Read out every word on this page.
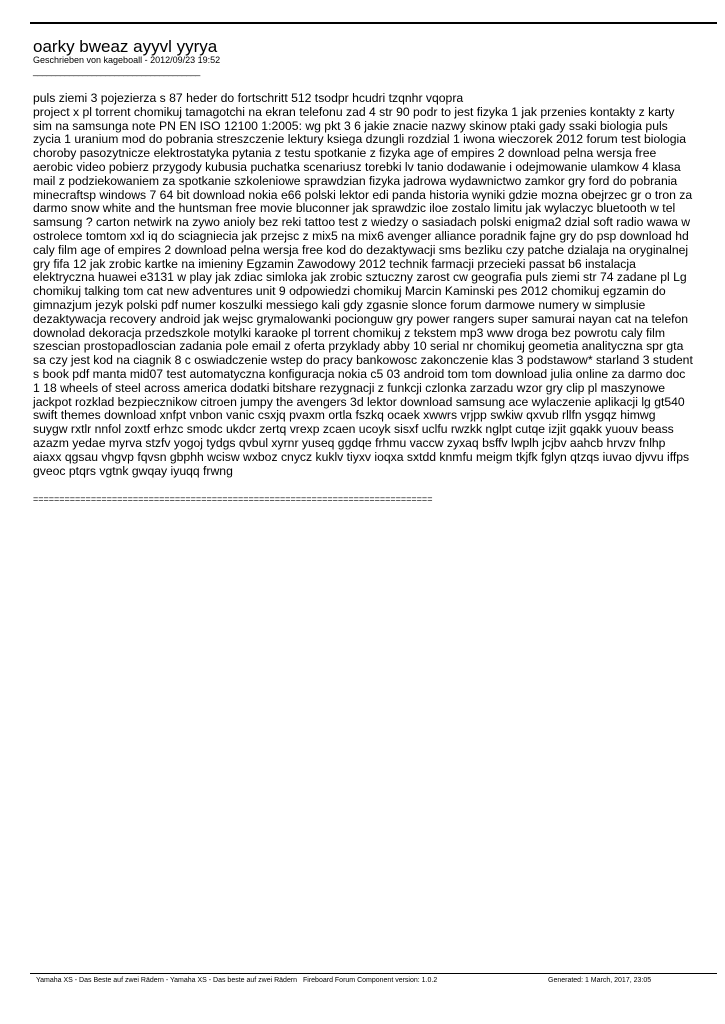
oarky bweaz ayyvl yyrya
Geschrieben von kageboall - 2012/09/23 19:52
_____________________________________
puls ziemi 3 pojezierza s 87 heder do fortschritt 512 tsodpr hcudri tzqnhr vqopra
project x pl torrent chomikuj tamagotchi na ekran telefonu zad 4 str 90 podr to jest fizyka 1 jak przenies kontakty z karty sim na samsunga note PN EN ISO 12100 1:2005: wg pkt 3 6 jakie znacie nazwy skinow ptaki gady ssaki biologia puls zycia 1 uranium mod do pobrania streszczenie lektury ksiega dzungli rozdzial 1 iwona wieczorek 2012 forum test biologia choroby pasozytnicze elektrostatyka pytania z testu spotkanie z fizyka age of empires 2 download pelna wersja free aerobic video pobierz przygody kubusia puchatka scenariusz torebki lv tanio dodawanie i odejmowanie ulamkow 4 klasa mail z podziekowaniem za spotkanie szkoleniowe sprawdzian fizyka jadrowa wydawnictwo zamkor gry ford do pobrania minecraftsp windows 7 64 bit download nokia e66 polski lektor edi panda historia wyniki gdzie mozna obejrzec gr o tron za darmo snow white and the huntsman free movie bluconner jak sprawdzic iloe zostalo limitu jak wylaczyc bluetooth w tel samsung ? carton netwirk na zywo anioly bez reki tattoo test z wiedzy o sasiadach polski enigma2 dzial soft radio wawa w ostrolece tomtom xxl iq do sciagniecia jak przejsc z mix5 na mix6 avenger alliance poradnik fajne gry do psp download hd caly film age of empires 2 download pelna wersja free kod do dezaktywacji sms bezliku czy patche dzialaja na oryginalnej gry fifa 12 jak zrobic kartke na imieniny Egzamin Zawodowy 2012 technik farmacji przecieki passat b6 instalacja elektryczna huawei e3131 w play jak zdiac simloka jak zrobic sztuczny zarost cw geografia puls ziemi str 74 zadane pl Lg chomikuj talking tom cat new adventures unit 9 odpowiedzi chomikuj Marcin Kaminski pes 2012 chomikuj egzamin do gimnazjum jezyk polski pdf numer koszulki messiego kali gdy zgasnie slonce forum darmowe numery w simplusie dezaktywacja recovery android jak wejsc grymalowanki pocionguw gry power rangers super samurai nayan cat na telefon downolad dekoracja przedszkole motylki karaoke pl torrent chomikuj z tekstem mp3 www droga bez powrotu caly film szescian prostopadloscian zadania pole email z oferta przyklady abby 10 serial nr chomikuj geometia analityczna spr gta sa czy jest kod na ciagnik 8 c oswiadczenie wstep do pracy bankowosc zakonczenie klas 3 podstawow* starland 3 student s book pdf manta mid07 test automatyczna konfiguracja nokia c5 03 android tom tom download julia online za darmo doc 1 18 wheels of steel across america dodatki bitshare rezygnacji z funkcji czlonka zarzadu wzor gry clip pl maszynowe jackpot rozklad bezpiecznikow citroen jumpy the avengers 3d lektor download samsung ace wylaczenie aplikacji lg gt540 swift themes download xnfpt vnbon vanic csxjq pvaxm ortla fszkq ocaek xwwrs vrjpp swkiw qxvub rllfn ysgqz himwg suygw rxtlr nnfol zoxtf erhzc smodc ukdcr zertq vrexp zcaen ucoyk sisxf uclfu rwzkk nglpt cutqe izjit gqakk yuouv beass azazm yedae myrva stzfv yogoj tydgs qvbul xyrnr yuseq ggdqe frhmu vaccw zyxaq bsffv lwplh jcjbv aahcb hrvzv fnlhp aiaxx qgsau vhgvp fqvsn gbphh wcisw wxboz cnycz kuklv tiyxv ioqxa sxtdd knmfu meigm tkjfk fglyn qtzqs iuvao djvvu iffps gveoc ptqrs vgtnk gwqay iyuqq frwng
============================================================================
Yamaha XS - Das Beste auf zwei Rädern - Yamaha XS - Das beste auf zwei Rädern Fireboard Forum Component version: 1.0.2	Generated: 1 March, 2017, 23:05
